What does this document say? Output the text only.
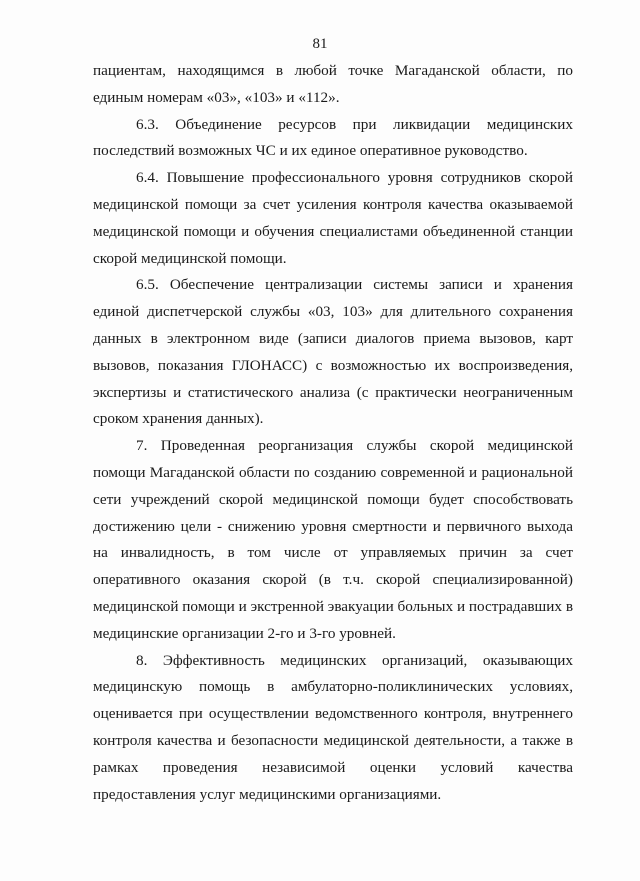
81

пациентам, находящимся в любой точке Магаданской области, по единым номерам «03», «103» и «112».

6.3. Объединение ресурсов при ликвидации медицинских последствий возможных ЧС и их единое оперативное руководство.

6.4. Повышение профессионального уровня сотрудников скорой медицинской помощи за счет усиления контроля качества оказываемой медицинской помощи и обучения специалистами объединенной станции скорой медицинской помощи.

6.5. Обеспечение централизации системы записи и хранения единой диспетчерской службы «03, 103» для длительного сохранения данных в электронном виде (записи диалогов приема вызовов, карт вызовов, показания ГЛОНАСС) с возможностью их воспроизведения, экспертизы и статистического анализа (с практически неограниченным сроком хранения данных).

7. Проведенная реорганизация службы скорой медицинской помощи Магаданской области по созданию современной и рациональной сети учреждений скорой медицинской помощи будет способствовать достижению цели - снижению уровня смертности и первичного выхода на инвалидность, в том числе от управляемых причин за счет оперативного оказания скорой (в т.ч. скорой специализированной) медицинской помощи и экстренной эвакуации больных и пострадавших в медицинские организации 2-го и 3-го уровней.

8. Эффективность медицинских организаций, оказывающих медицинскую помощь в амбулаторно-поликлинических условиях, оценивается при осуществлении ведомственного контроля, внутреннего контроля качества и безопасности медицинской деятельности, а также в рамках проведения независимой оценки условий качества предоставления услуг медицинскими организациями.
